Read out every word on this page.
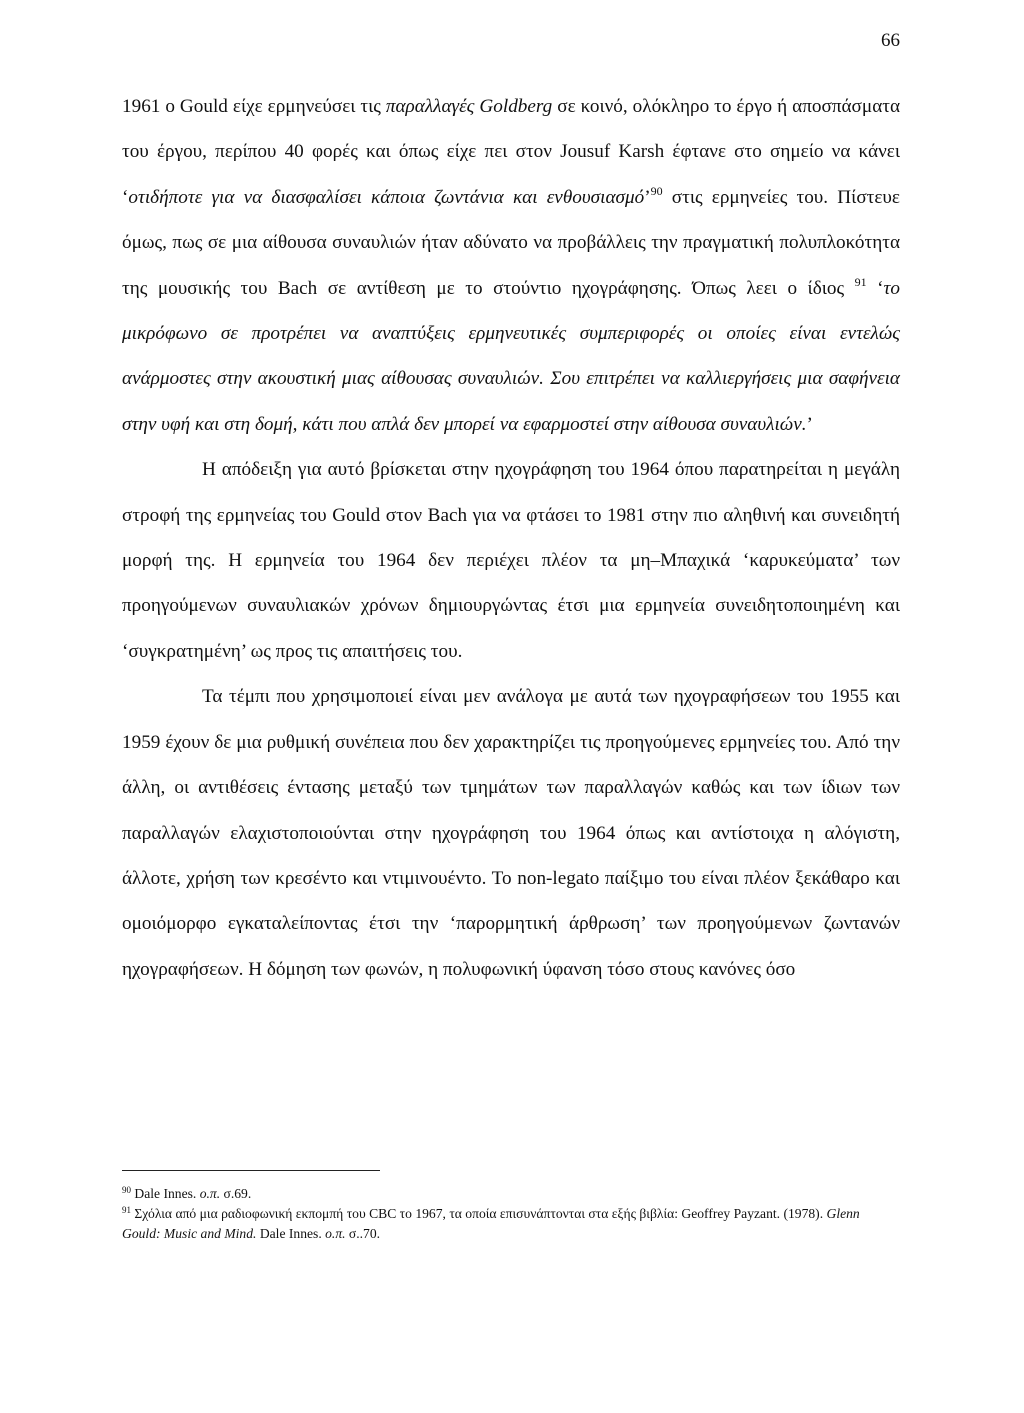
66

1961 ο Gould είχε ερμηνεύσει τις παραλλαγές Goldberg σε κοινό, ολόκληρο το έργο ή αποσπάσματα του έργου, περίπου 40 φορές και όπως είχε πει στον Jousuf Karsh έφτανε στο σημείο να κάνει ‘οτιδήποτε για να διασφαλίσει κάποια ζωντάνια και ενθουσιασμό’$^{90}$ στις ερμηνείες του. Πίστευε όμως, πως σε μια αίθουσα συναυλιών ήταν αδύνατο να προβάλλεις την πραγματική πολυπλοκότητα της μουσικής του Bach σε αντίθεση με το στούντιο ηχογράφησης. Όπως λεει ο ίδιος $^{91}$ ‘το μικρόφωνο σε προτρέπει να αναπτύξεις ερμηνευτικές συμπεριφορές οι οποίες είναι εντελώς ανάρμοστες στην ακουστική μιας αίθουσας συναυλιών. Σου επιτρέπει να καλλιεργήσεις μια σαφήνεια στην υφή και στη δομή, κάτι που απλά δεν μπορεί να εφαρμοστεί στην αίθουσα συναυλιών.’

Η απόδειξη για αυτό βρίσκεται στην ηχογράφηση του 1964 όπου παρατηρείται η μεγάλη στροφή της ερμηνείας του Gould στον Bach για να φτάσει το 1981 στην πιο αληθινή και συνειδητή μορφή της. Η ερμηνεία του 1964 δεν περιέχει πλέον τα μη–Μπαχικά ‘καρυκεύματα’ των προηγούμενων συναυλιακών χρόνων δημιουργώντας έτσι μια ερμηνεία συνειδητοποιημένη και ‘συγκρατημένη’ ως προς τις απαιτήσεις του.

Τα τέμπι που χρησιμοποιεί είναι μεν ανάλογα με αυτά των ηχογραφήσεων του 1955 και 1959 έχουν δε μια ρυθμική συνέπεια που δεν χαρακτηρίζει τις προηγούμενες ερμηνείες του. Από την άλλη, οι αντιθέσεις έντασης μεταξύ των τμημάτων των παραλλαγών καθώς και των ίδιων των παραλλαγών ελαχιστοποιούνται στην ηχογράφηση του 1964 όπως και αντίστοιχα η αλόγιστη, άλλοτε, χρήση των κρεσέντο και ντιμινουέντο. Το non-legato παίξιμο του είναι πλέον ξεκάθαρο και ομοιόμορφο εγκαταλείποντας έτσι την ‘παρορμητική άρθρωση’ των προηγούμενων ζωντανών ηχογραφήσεων. Η δόμηση των φωνών, η πολυφωνική ύφανση τόσο στους κανόνες όσο

$^{90}$ Dale Innes. ο.π. σ.69.

$^{91}$ Σχόλια από μια ραδιοφωνική εκπομπή του CBC το 1967, τα οποία επισυνάπτονται στα εξής βιβλία: Geoffrey Payzant. (1978). Glenn Gould: Music and Mind. Dale Innes. ο.π. σ..70.
